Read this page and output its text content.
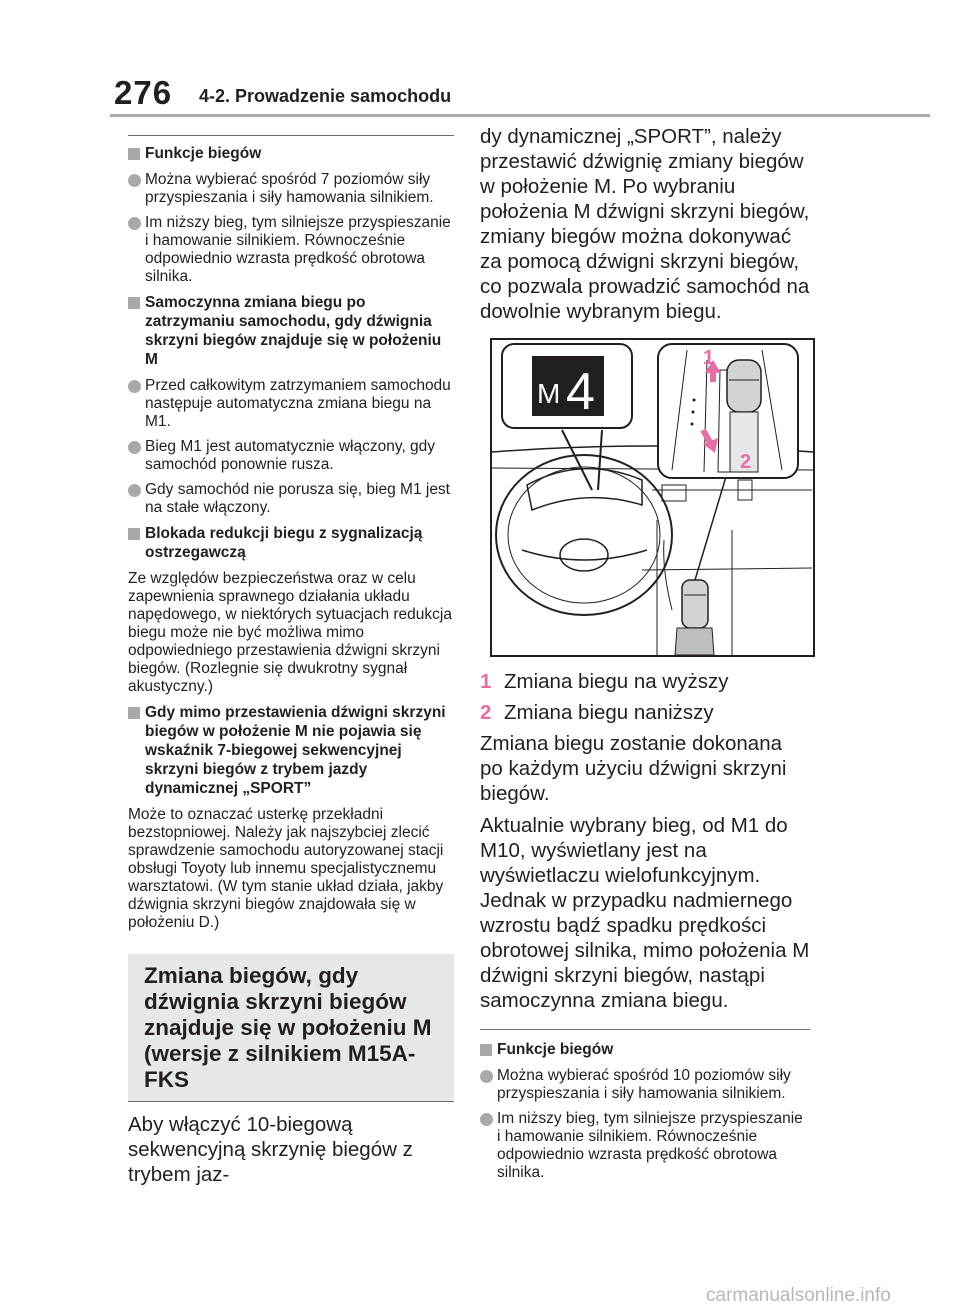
276 4-2. Prowadzenie samochodu
Funkcje biegów
Można wybierać spośród 7 poziomów siły przyspieszania i siły hamowania silnikiem.
Im niższy bieg, tym silniejsze przyspieszanie i hamowanie silnikiem. Równocześnie odpowiednio wzrasta prędkość obrotowa silnika.
Samoczynna zmiana biegu po zatrzymaniu samochodu, gdy dźwignia skrzyni biegów znajduje się w położeniu M
Przed całkowitym zatrzymaniem samochodu następuje automatyczna zmiana biegu na M1.
Bieg M1 jest automatycznie włączony, gdy samochód ponownie rusza.
Gdy samochód nie porusza się, bieg M1 jest na stałe włączony.
Blokada redukcji biegu z sygnalizacją ostrzegawczą
Ze względów bezpieczeństwa oraz w celu zapewnienia sprawnego działania układu napędowego, w niektórych sytuacjach redukcja biegu może nie być możliwa mimo odpowiedniego przestawienia dźwigni skrzyni biegów. (Rozlegnie się dwukrotny sygnał akustyczny.)
Gdy mimo przestawienia dźwigni skrzyni biegów w położenie M nie pojawia się wskaźnik 7-biegowej sekwencyjnej skrzyni biegów z trybem jazdy dynamicznej „SPORT”
Może to oznaczać usterkę przekładni bezstopniowej. Należy jak najszybciej zlecić sprawdzenie samochodu autoryzowanej stacji obsługi Toyoty lub innemu specjalistycznemu warsztatowi. (W tym stanie układ działa, jakby dźwignia skrzyni biegów znajdowała się w położeniu D.)
Zmiana biegów, gdy dźwignia skrzyni biegów znajduje się w położeniu M (wersje z silnikiem M15A-FKS
Aby włączyć 10-biegową sekwencyjną skrzynię biegów z trybem jaz-
dy dynamicznej „SPORT”, należy przestawić dźwignię zmiany biegów w położenie M. Po wybraniu położenia M dźwigni skrzyni biegów, zmiany biegów można dokonywać za pomocą dźwigni skrzyni biegów, co pozwala prowadzić samochód na dowolnie wybranym biegu.
1
2
M 4
1 Zmiana biegu na wyższy
2 Zmiana biegu naniższy
Zmiana biegu zostanie dokonana po każdym użyciu dźwigni skrzyni biegów.
Aktualnie wybrany bieg, od M1 do M10, wyświetlany jest na wyświetlaczu wielofunkcyjnym. Jednak w przypadku nadmiernego wzrostu bądź spadku prędkości obrotowej silnika, mimo położenia M dźwigni skrzyni biegów, nastąpi samoczynna zmiana biegu.
Funkcje biegów
Można wybierać spośród 10 poziomów siły przyspieszania i siły hamowania silnikiem.
Im niższy bieg, tym silniejsze przyspieszanie i hamowanie silnikiem. Równocześnie odpowiednio wzrasta prędkość obrotowa silnika.
carmanualsonline.info
